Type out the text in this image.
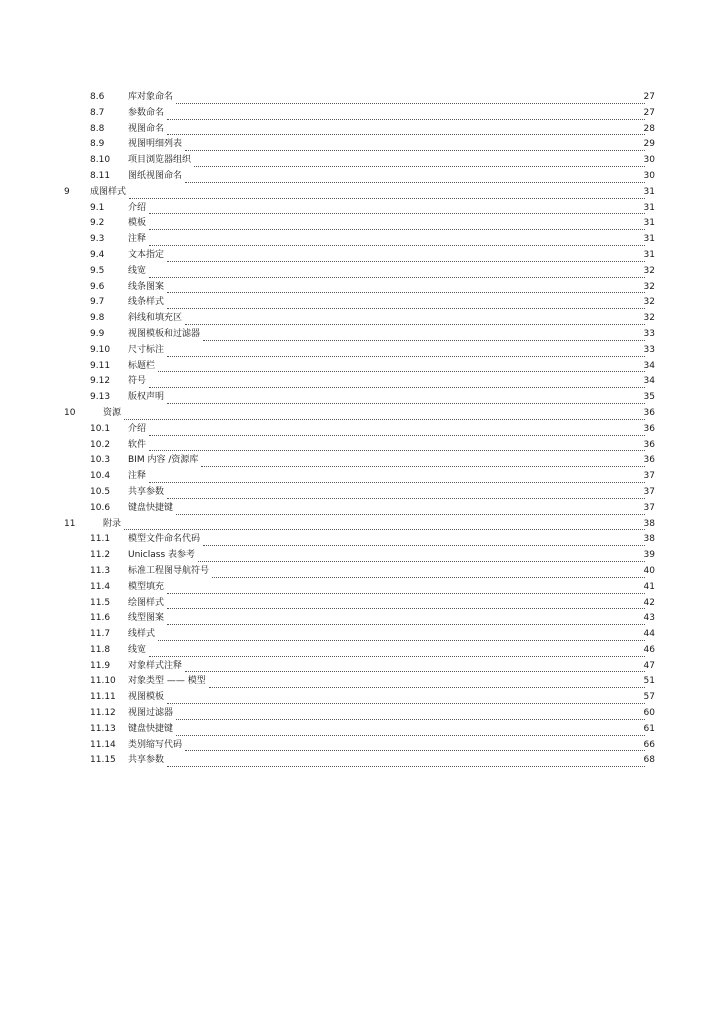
8.6	库对象命名	27
8.7	参数命名	27
8.8	视图命名	28
8.9	视图明细列表	29
8.10 项目浏览器组织	30
8.11 图纸视图命名	30
9 成图样式	31
9.1	介绍	31
9.2	模板	31
9.3	注释	31
9.4	文本指定	31
9.5	线宽	32
9.6	线条图案	32
9.7	线条样式	32
9.8	斜线和填充区	32
9.9	视图模板和过滤器	33
9.10 尺寸标注	33
9.11 标题栏	34
9.12 符号	34
9.13 版权声明	35
10	资源	36
10.1 介绍	36
10.2 软件	36
10.3 BIM 内容 /资源库	36
10.4 注释	37
10.5 共享参数	37
10.6 键盘快捷键	37
11	附录	38
11.1 模型文件命名代码	38
11.2 Uniclass 表参考	39
11.3 标准工程图导航符号	40
11.4 模型填充	41
11.5 绘图样式	42
11.6 线型图案	43
11.7 线样式	44
11.8 线宽	46
11.9 对象样式注释	47
11.10 对象类型 —— 模型	51
11.11 视图模板	57
11.12 视图过滤器	60
11.13 键盘快捷键	61
11.14 类别缩写代码	66
11.15 共享参数	68
